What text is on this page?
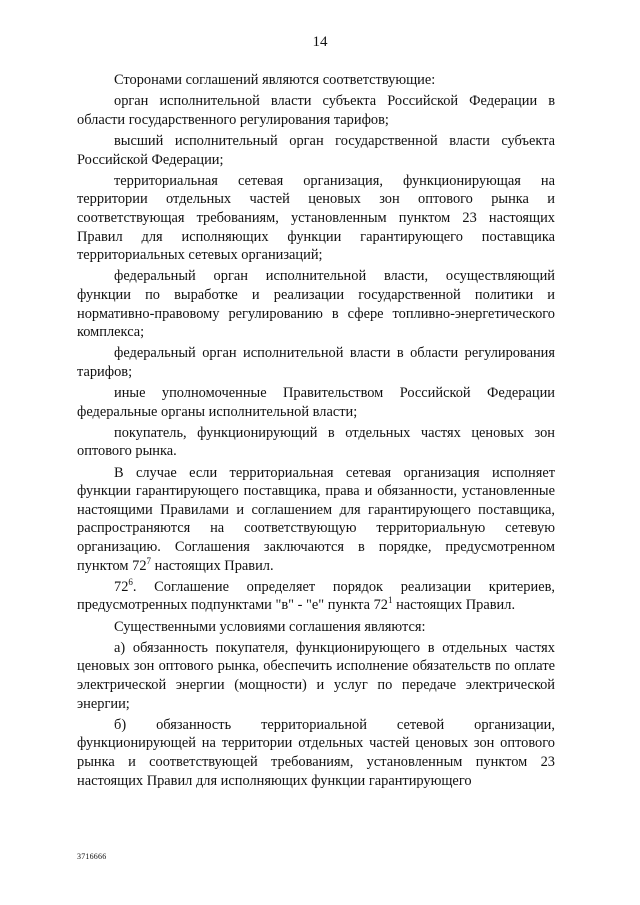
14

Сторонами соглашений являются соответствующие:

орган исполнительной власти субъекта Российской Федерации в области государственного регулирования тарифов;

высший исполнительный орган государственной власти субъекта Российской Федерации;

территориальная сетевая организация, функционирующая на территории отдельных частей ценовых зон оптового рынка и соответствующая требованиям, установленным пунктом 23 настоящих Правил для исполняющих функции гарантирующего поставщика территориальных сетевых организаций;

федеральный орган исполнительной власти, осуществляющий функции по выработке и реализации государственной политики и нормативно-правовому регулированию в сфере топливно-энергетического комплекса;

федеральный орган исполнительной власти в области регулирования тарифов;

иные уполномоченные Правительством Российской Федерации федеральные органы исполнительной власти;

покупатель, функционирующий в отдельных частях ценовых зон оптового рынка.

В случае если территориальная сетевая организация исполняет функции гарантирующего поставщика, права и обязанности, установленные настоящими Правилами и соглашением для гарантирующего поставщика, распространяются на соответствующую территориальную сетевую организацию. Соглашения заключаются в порядке, предусмотренном пунктом $72^7$ настоящих Правил.

$72^6$. Соглашение определяет порядок реализации критериев, предусмотренных подпунктами "в" - "е" пункта $72^1$ настоящих Правил.

Существенными условиями соглашения являются:

а) обязанность покупателя, функционирующего в отдельных частях ценовых зон оптового рынка, обеспечить исполнение обязательств по оплате электрической энергии (мощности) и услуг по передаче электрической энергии;

б) обязанность территориальной сетевой организации, функционирующей на территории отдельных частей ценовых зон оптового рынка и соответствующей требованиям, установленным пунктом 23 настоящих Правил для исполняющих функции гарантирующего

3716666
